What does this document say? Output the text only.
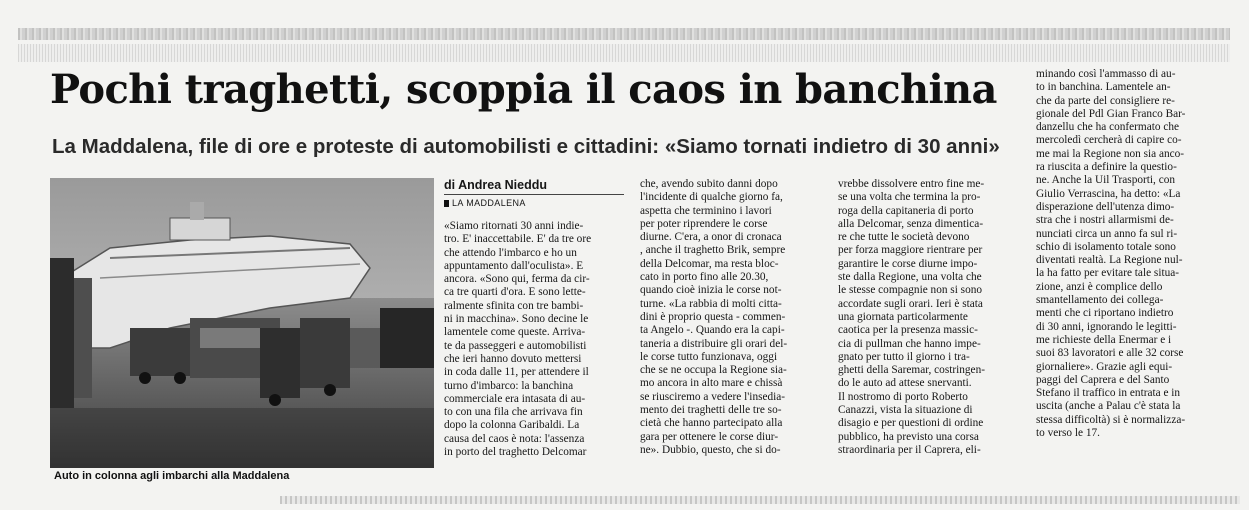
Pochi traghetti, scoppia il caos in banchina
La Maddalena, file di ore e proteste di automobilisti e cittadini: «Siamo tornati indietro di 30 anni»
Auto in colonna agli imbarchi alla Maddalena
di Andrea Nieddu
LA MADDALENA
«Siamo ritornati 30 anni indie-
tro. E' inaccettabile. E' da tre ore
che attendo l'imbarco e ho un
appuntamento dall'oculista». E
ancora. «Sono qui, ferma da cir-
ca tre quarti d'ora. E sono lette-
ralmente sfinita con tre bambi-
ni in macchina». Sono decine le
lamentele come queste. Arriva-
te da passeggeri e automobilisti
che ieri hanno dovuto mettersi
in coda dalle 11, per attendere il
turno d'imbarco: la banchina
commerciale era intasata di au-
to con una fila che arrivava fin
dopo la colonna Garibaldi. La
causa del caos è nota: l'assenza
in porto del traghetto Delcomar
che, avendo subito danni dopo
l'incidente di qualche giorno fa,
aspetta che terminino i lavori
per poter riprendere le corse
diurne. C'era, a onor di cronaca
, anche il traghetto Brik, sempre
della Delcomar, ma resta bloc-
cato in porto fino alle 20.30,
quando cioè inizia le corse not-
turne. «La rabbia di molti citta-
dini è proprio questa - commen-
ta Angelo -. Quando era la capi-
taneria a distribuire gli orari del-
le corse tutto funzionava, oggi
che se ne occupa la Regione sia-
mo ancora in alto mare e chissà
se riusciremo a vedere l'insedia-
mento dei traghetti delle tre so-
cietà che hanno partecipato alla
gara per ottenere le corse diur-
ne». Dubbio, questo, che si do-
vrebbe dissolvere entro fine me-
se una volta che termina la pro-
roga della capitaneria di porto
alla Delcomar, senza dimentica-
re che tutte le società devono
per forza maggiore rientrare per
garantire le corse diurne impo-
ste dalla Regione, una volta che
le stesse compagnie non si sono
accordate sugli orari. Ieri è stata
una giornata particolarmente
caotica per la presenza massic-
cia di pullman che hanno impe-
gnato per tutto il giorno i tra-
ghetti della Saremar, costringen-
do le auto ad attese snervanti.
Il nostromo di porto Roberto
Canazzi, vista la situazione di
disagio e per questioni di ordine
pubblico, ha previsto una corsa
straordinaria per il Caprera, eli-
minando così l'ammasso di au-
to in banchina. Lamentele an-
che da parte del consigliere re-
gionale del Pdl Gian Franco Bar-
danzellu che ha confermato che
mercoledì cercherà di capire co-
me mai la Regione non sia anco-
ra riuscita a definire la questio-
ne. Anche la Uil Trasporti, con
Giulio Verrascina, ha detto: «La
disperazione dell'utenza dimo-
stra che i nostri allarmismi de-
nunciati circa un anno fa sul ri-
schio di isolamento totale sono
diventati realtà. La Regione nul-
la ha fatto per evitare tale situa-
zione, anzi è complice dello
smantellamento dei collega-
menti che ci riportano indietro
di 30 anni, ignorando le legitti-
me richieste della Enermar e i
suoi 83 lavoratori e alle 32 corse
giornaliere». Grazie agli equi-
paggi del Caprera e del Santo
Stefano il traffico in entrata e in
uscita (anche a Palau c'è stata la
stessa difficoltà) si è normalizza-
to verso le 17.
